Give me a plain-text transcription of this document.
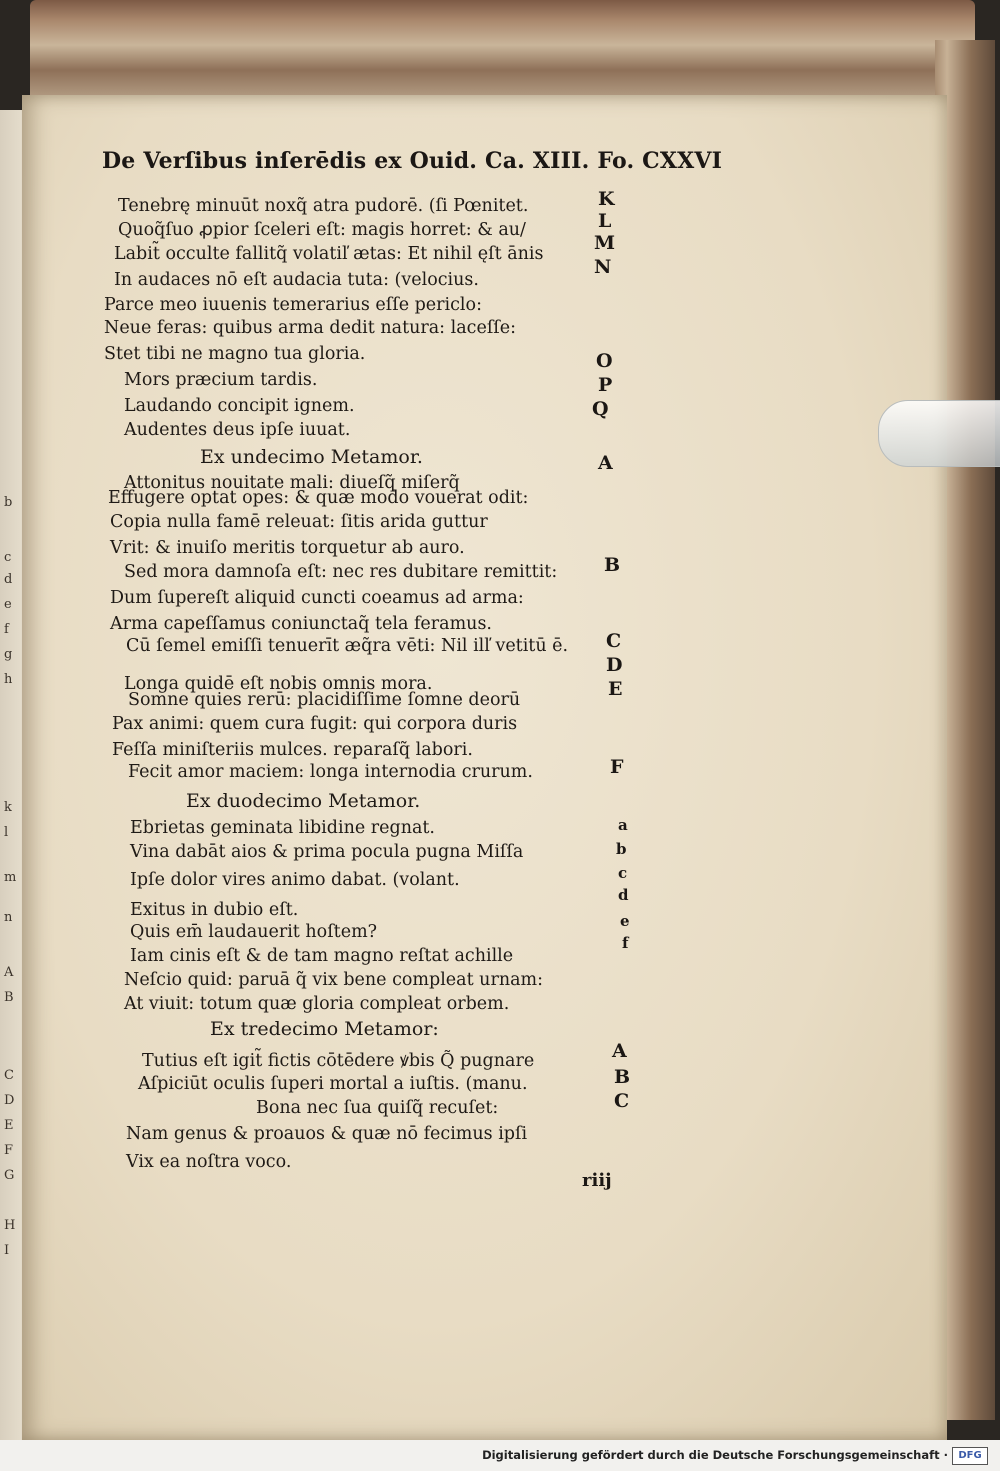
b
c
d
e
f
g
h
k
l
m
n
A
B
C
D
E
F
G
H
I
De Verſibus inſerēdis ex Ouid. Ca. XIII. Fo. CXXVI
Tenebrę minuūt noxq̃ atra pudorē. (ſi Pœnitet.
Quoq̃ſuo ꝓpior ſceleri eſt: magis horret: & au/
Labit̃ occulte fallitq̃ volatiľ ætas: Et nihil ęſt ānis
In audaces nō eſt audacia tuta: (velocius.
Parce meo iuuenis temerarius eſſe periclo:
Neue feras: quibus arma dedit natura: laceſſe:
Stet tibi ne magno tua gloria.
Mors præcium tardis.
Laudando concipit ignem.
Audentes deus ipſe iuuat.
Ex undecimo Metamor.
Attonitus nouitate mali: diueſq̃ miſerq̃
Effugere optat opes: & quæ modo vouerat odit:
Copia nulla famē releuat: ſitis arida guttur
Vrit: & inuiſo meritis torquetur ab auro.
Sed mora damnoſa eſt: nec res dubitare remittit:
Dum ſupereſt aliquid cuncti coeamus ad arma:
Arma capeſſamus coniunctaq̃ tela feramus.
Cū ſemel emiſſi tenuerīt æq̃ra vēti: Nil ilľ vetitū ē.
Longa quidē eſt nobis omnis mora.
Somne quies rerū: placidiſſime ſomne deorū
Pax animi: quem cura fugit: qui corpora duris
Feſſa miniſteriis mulces. reparaſq̃ labori.
Fecit amor maciem: longa internodia crurum.
Ex duodecimo Metamor.
Ebrietas geminata libidine regnat.
Vina dabāt aios & prima pocula pugna Miſſa
Ipſe dolor vires animo dabat. (volant.
Exitus in dubio eſt.
Quis em̄ laudauerit hoſtem?
Iam cinis eſt & de tam magno reſtat achille
Neſcio quid: paruā q̃ vix bene compleat urnam:
At viuit: totum quæ gloria compleat orbem.
Ex tredecimo Metamor:
Tutius eſt igit̃ fictis cōtēdere ꝟbis Q̃ pugnare
Aſpiciūt oculis ſuperi mortal a iuſtis. (manu.
Bona nec ſua quiſq̃ recuſet:
Nam genus & proauos & quæ nō fecimus ipſi
Vix ea noſtra voco.
K
L
M
N
O
P
Q
A
B
C
D
E
F
a
b
c
d
e
f
A
B
C
riij
Digitalisierung gefördert durch die Deutsche Forschungsgemeinschaft ·	DFG
